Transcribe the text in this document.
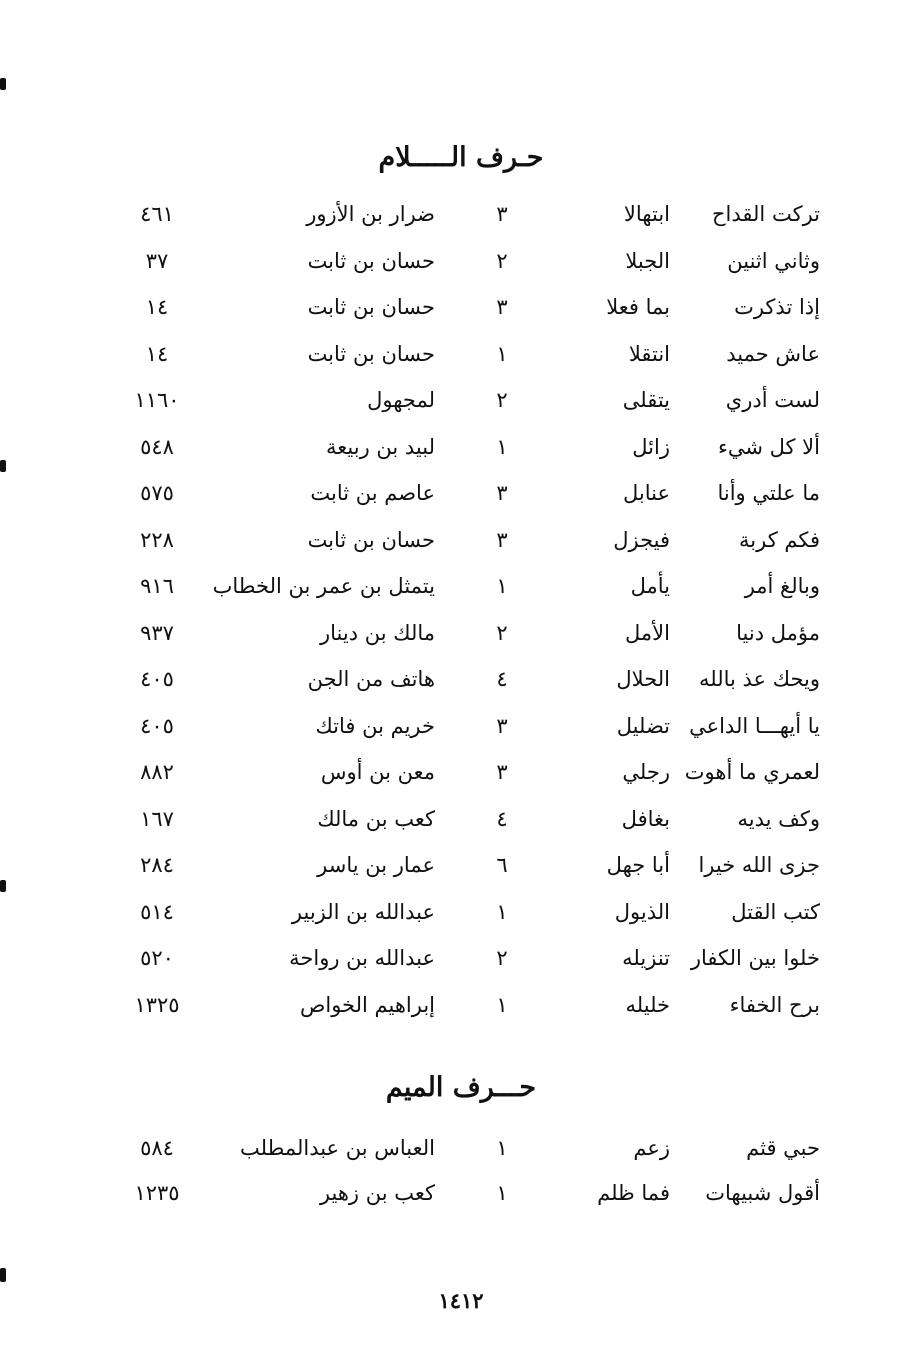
حـرف الـــــلام
حـــرف الميم
تركت القداح
ابتهالا
٣
ضرار بن الأزور
٤٦١
وثاني اثنين
الجبلا
٢
حسان بن ثابت
٣٧
إذا تذكرت
بما فعلا
٣
حسان بن ثابت
١٤
عاش حميد
انتقلا
١
حسان بن ثابت
١٤
لست أدري
يتقلى
٢
لمجهول
١١٦٠
ألا كل شيء
زائل
١
لبيد بن ربيعة
٥٤٨
ما علتي وأنا
عنابل
٣
عاصم بن ثابت
٥٧٥
فكم كربة
فيجزل
٣
حسان بن ثابت
٢٢٨
وبالغ أمر
يأمل
١
يتمثل بن عمر بن الخطاب
٩١٦
مؤمل دنيا
الأمل
٢
مالك بن دينار
٩٣٧
ويحك عذ بالله
الحلال
٤
هاتف من الجن
٤٠٥
يا أيهـــا الداعي
تضليل
٣
خريم بن فاتك
٤٠٥
لعمري ما أهوت
رجلي
٣
معن بن أوس
٨٨٢
وكف يديه
بغافل
٤
كعب بن مالك
١٦٧
جزى الله خيرا
أبا جهل
٦
عمار بن ياسر
٢٨٤
كتب القتل
الذيول
١
عبدالله بن الزبير
٥١٤
خلوا بين الكفار
تنزيله
٢
عبدالله بن رواحة
٥٢٠
برح الخفاء
خليله
١
إبراهيم الخواص
١٣٢٥
حبي قثم
زعم
١
العباس بن عبدالمطلب
٥٨٤
أقول شبيهات
فما ظلم
١
كعب بن زهير
١٢٣٥
١٤١٢
